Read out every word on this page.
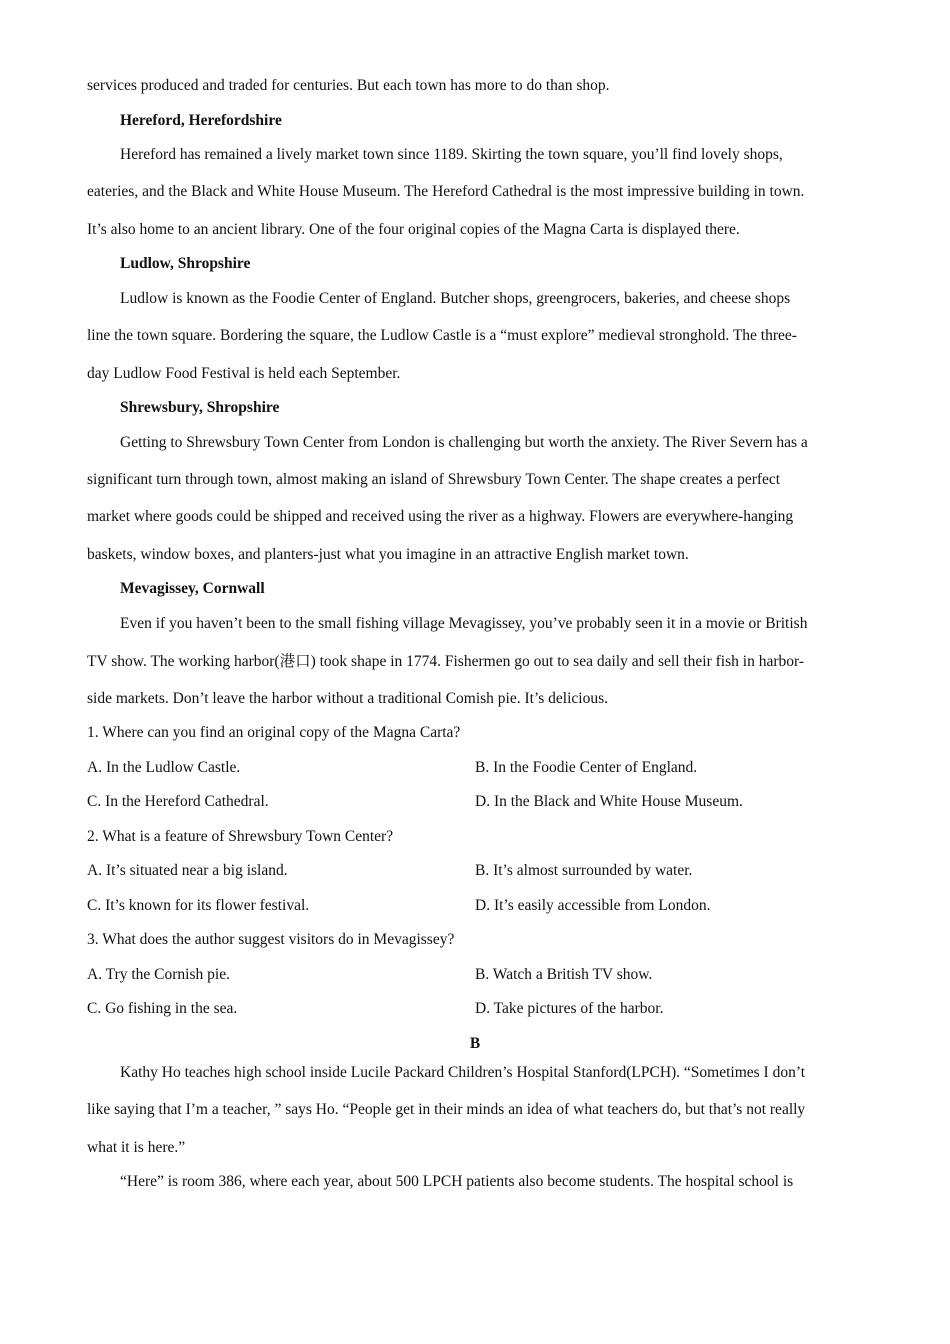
services produced and traded for centuries. But each town has more to do than shop.
Hereford, Herefordshire
Hereford has remained a lively market town since 1189. Skirting the town square, you’ll find lovely shops,
eateries, and the Black and White House Museum. The Hereford Cathedral is the most impressive building in town.
It’s also home to an ancient library. One of the four original copies of the Magna Carta is displayed there.
Ludlow, Shropshire
Ludlow is known as the Foodie Center of England. Butcher shops, greengrocers, bakeries, and cheese shops
line the town square. Bordering the square, the Ludlow Castle is a “must explore” medieval stronghold. The three-
day Ludlow Food Festival is held each September.
Shrewsbury, Shropshire
Getting to Shrewsbury Town Center from London is challenging but worth the anxiety. The River Severn has a
significant turn through town, almost making an island of Shrewsbury Town Center. The shape creates a perfect
market where goods could be shipped and received using the river as a highway. Flowers are everywhere-hanging
baskets, window boxes, and planters-just what you imagine in an attractive English market town.
Mevagissey, Cornwall
Even if you haven’t been to the small fishing village Mevagissey, you’ve probably seen it in a movie or British
TV show. The working harbor(港口) took shape in 1774. Fishermen go out to sea daily and sell their fish in harbor-
side markets. Don’t leave the harbor without a traditional Comish pie. It’s delicious.
1. Where can you find an original copy of the Magna Carta?
A. In the Ludlow Castle.	B. In the Foodie Center of England.
C. In the Hereford Cathedral.	D. In the Black and White House Museum.
2. What is a feature of Shrewsbury Town Center?
A. It’s situated near a big island.	B. It’s almost surrounded by water.
C. It’s known for its flower festival.	D. It’s easily accessible from London.
3. What does the author suggest visitors do in Mevagissey?
A. Try the Cornish pie.	B. Watch a British TV show.
C. Go fishing in the sea.	D. Take pictures of the harbor.
B
Kathy Ho teaches high school inside Lucile Packard Children’s Hospital Stanford(LPCH). “Sometimes I don’t
like saying that I’m a teacher, ” says Ho. “People get in their minds an idea of what teachers do, but that’s not really
what it is here.”
“Here” is room 386, where each year, about 500 LPCH patients also become students. The hospital school is
